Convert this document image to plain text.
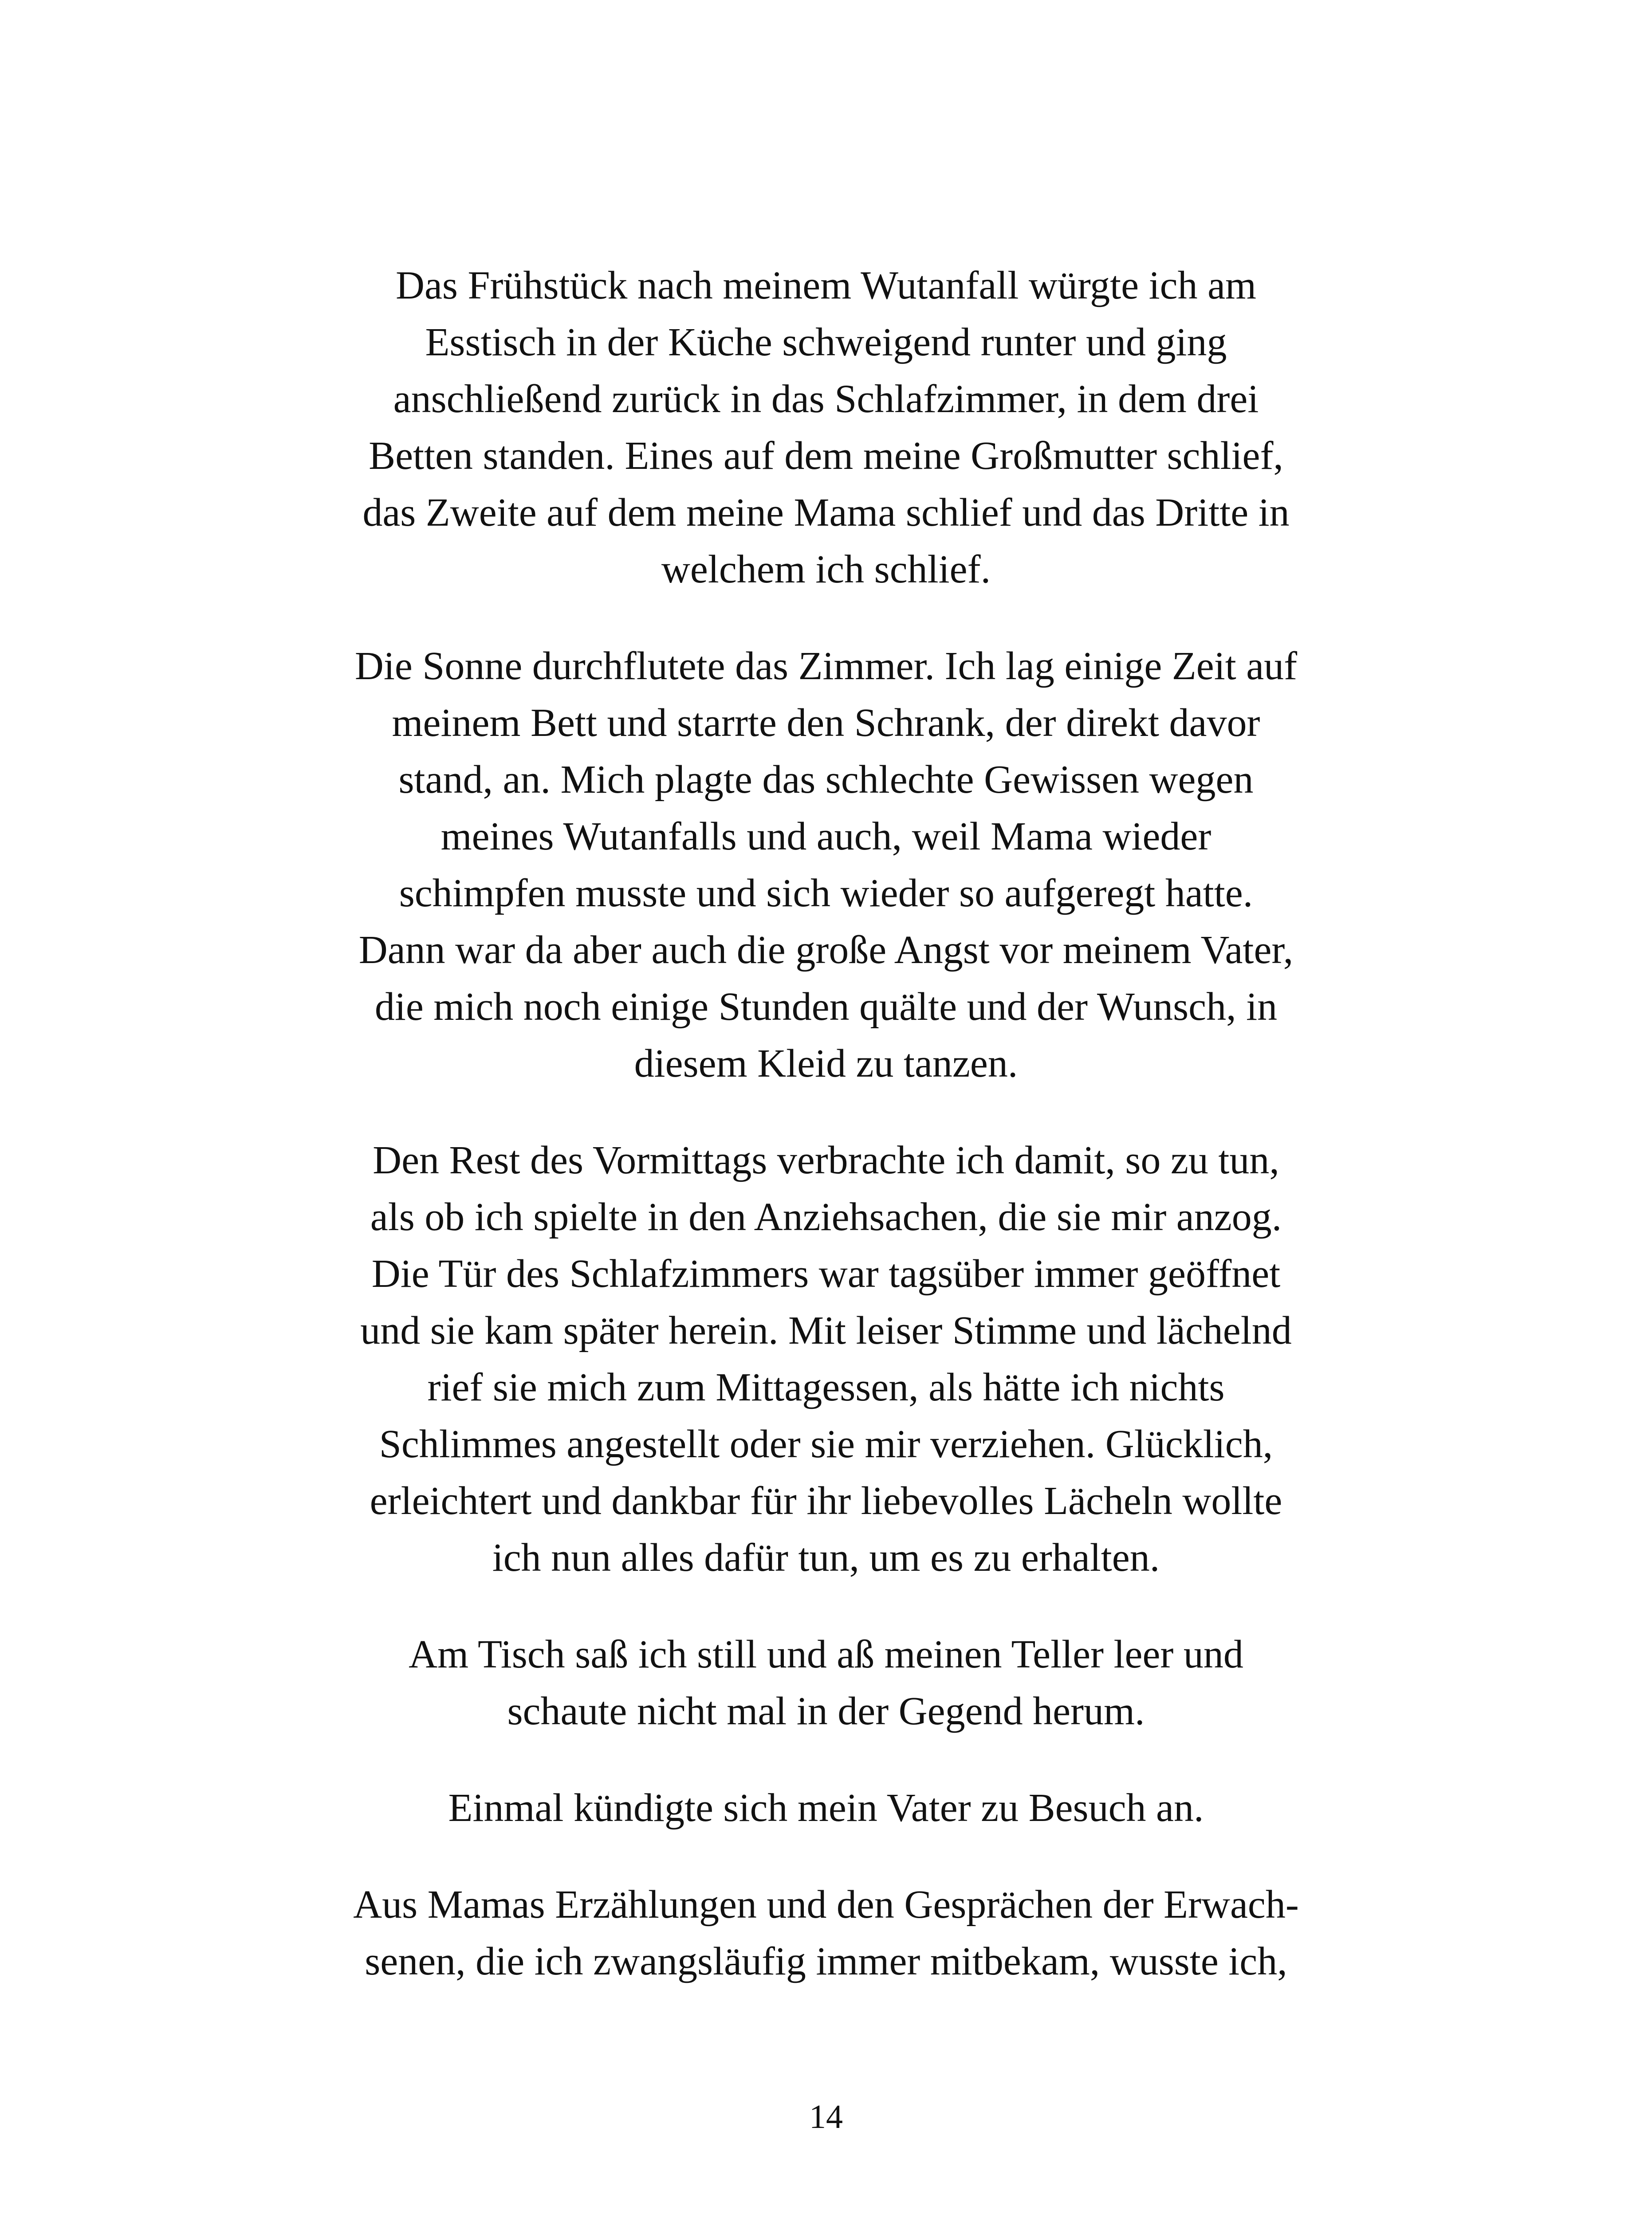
Das Frühstück nach meinem Wutanfall würgte ich am
Esstisch in der Küche schweigend runter und ging
anschließend zurück in das Schlafzimmer, in dem drei
Betten standen. Eines auf dem meine Großmutter schlief,
das Zweite auf dem meine Mama schlief und das Dritte in
welchem ich schlief.

Die Sonne durchflutete das Zimmer. Ich lag einige Zeit auf
meinem Bett und starrte den Schrank, der direkt davor
stand, an. Mich plagte das schlechte Gewissen wegen
meines Wutanfalls und auch, weil Mama wieder
schimpfen musste und sich wieder so aufgeregt hatte.
Dann war da aber auch die große Angst vor meinem Vater,
die mich noch einige Stunden quälte und der Wunsch, in
diesem Kleid zu tanzen.

Den Rest des Vormittags verbrachte ich damit, so zu tun,
als ob ich spielte in den Anziehsachen, die sie mir anzog.
Die Tür des Schlafzimmers war tagsüber immer geöffnet
und sie kam später herein. Mit leiser Stimme und lächelnd
rief sie mich zum Mittagessen, als hätte ich nichts
Schlimmes angestellt oder sie mir verziehen. Glücklich,
erleichtert und dankbar für ihr liebevolles Lächeln wollte
ich nun alles dafür tun, um es zu erhalten.

Am Tisch saß ich still und aß meinen Teller leer und
schaute nicht mal in der Gegend herum.

Einmal kündigte sich mein Vater zu Besuch an.

Aus Mamas Erzählungen und den Gesprächen der Erwach-
senen, die ich zwangsläufig immer mitbekam, wusste ich,

14
